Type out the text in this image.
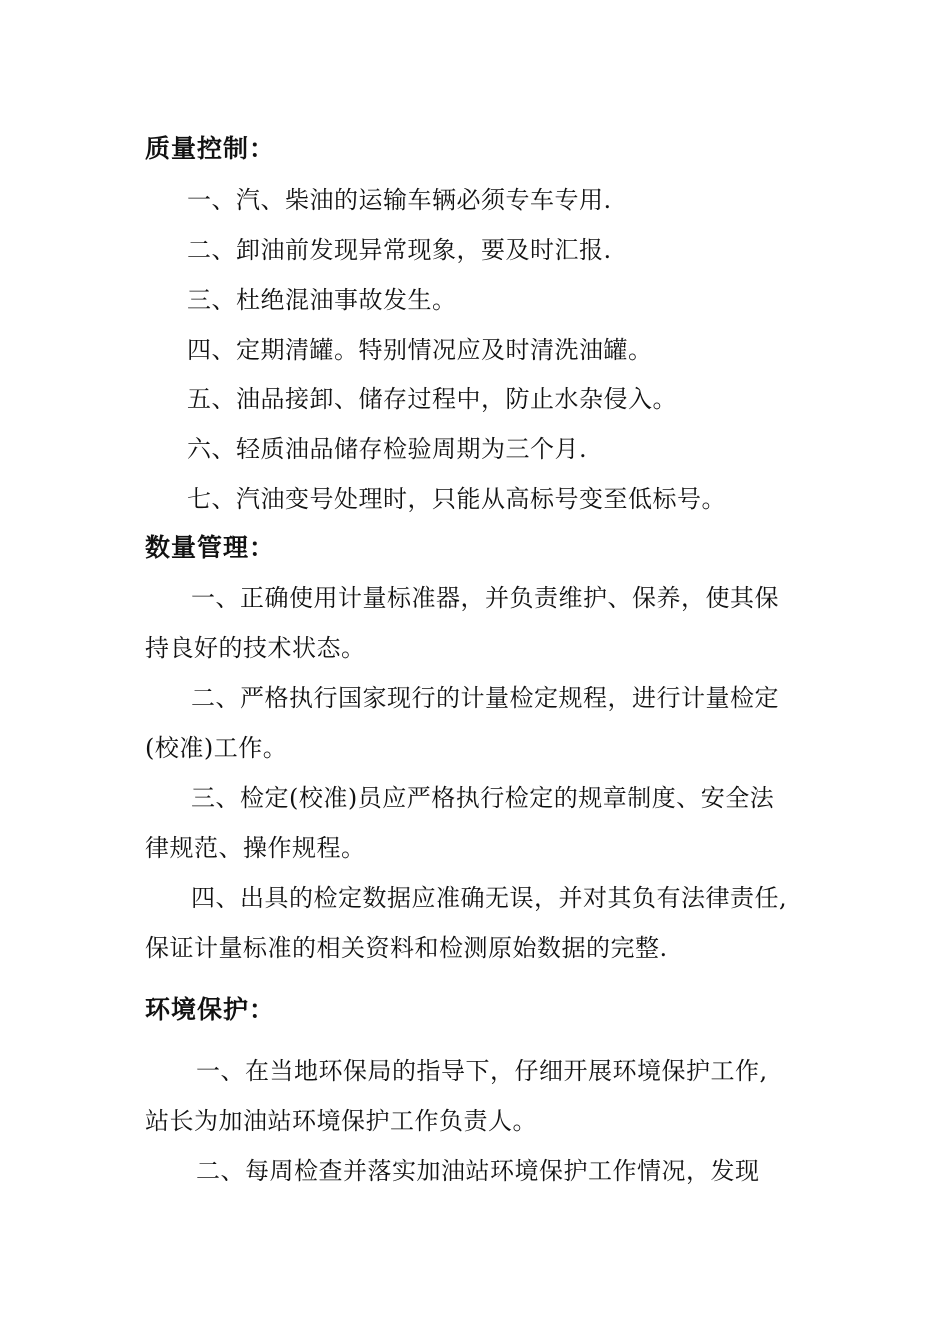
质量控制：
一、汽、柴油的运输车辆必须专车专用.
二、卸油前发现异常现象，要及时汇报.
三、杜绝混油事故发生。
四、定期清罐。特别情况应及时清洗油罐。
五、油品接卸、储存过程中，防止水杂侵入。
六、轻质油品储存检验周期为三个月.
七、汽油变号处理时，只能从高标号变至低标号。
数量管理：
一、正确使用计量标准器，并负责维护、保养，使其保
持良好的技术状态。
二、严格执行国家现行的计量检定规程，进行计量检定
(校准)工作。
三、检定(校准)员应严格执行检定的规章制度、安全法
律规范、操作规程。
四、出具的检定数据应准确无误，并对其负有法律责任,
保证计量标准的相关资料和检测原始数据的完整.
环境保护：
一、在当地环保局的指导下，仔细开展环境保护工作,
站长为加油站环境保护工作负责人。
二、每周检查并落实加油站环境保护工作情况，发现
